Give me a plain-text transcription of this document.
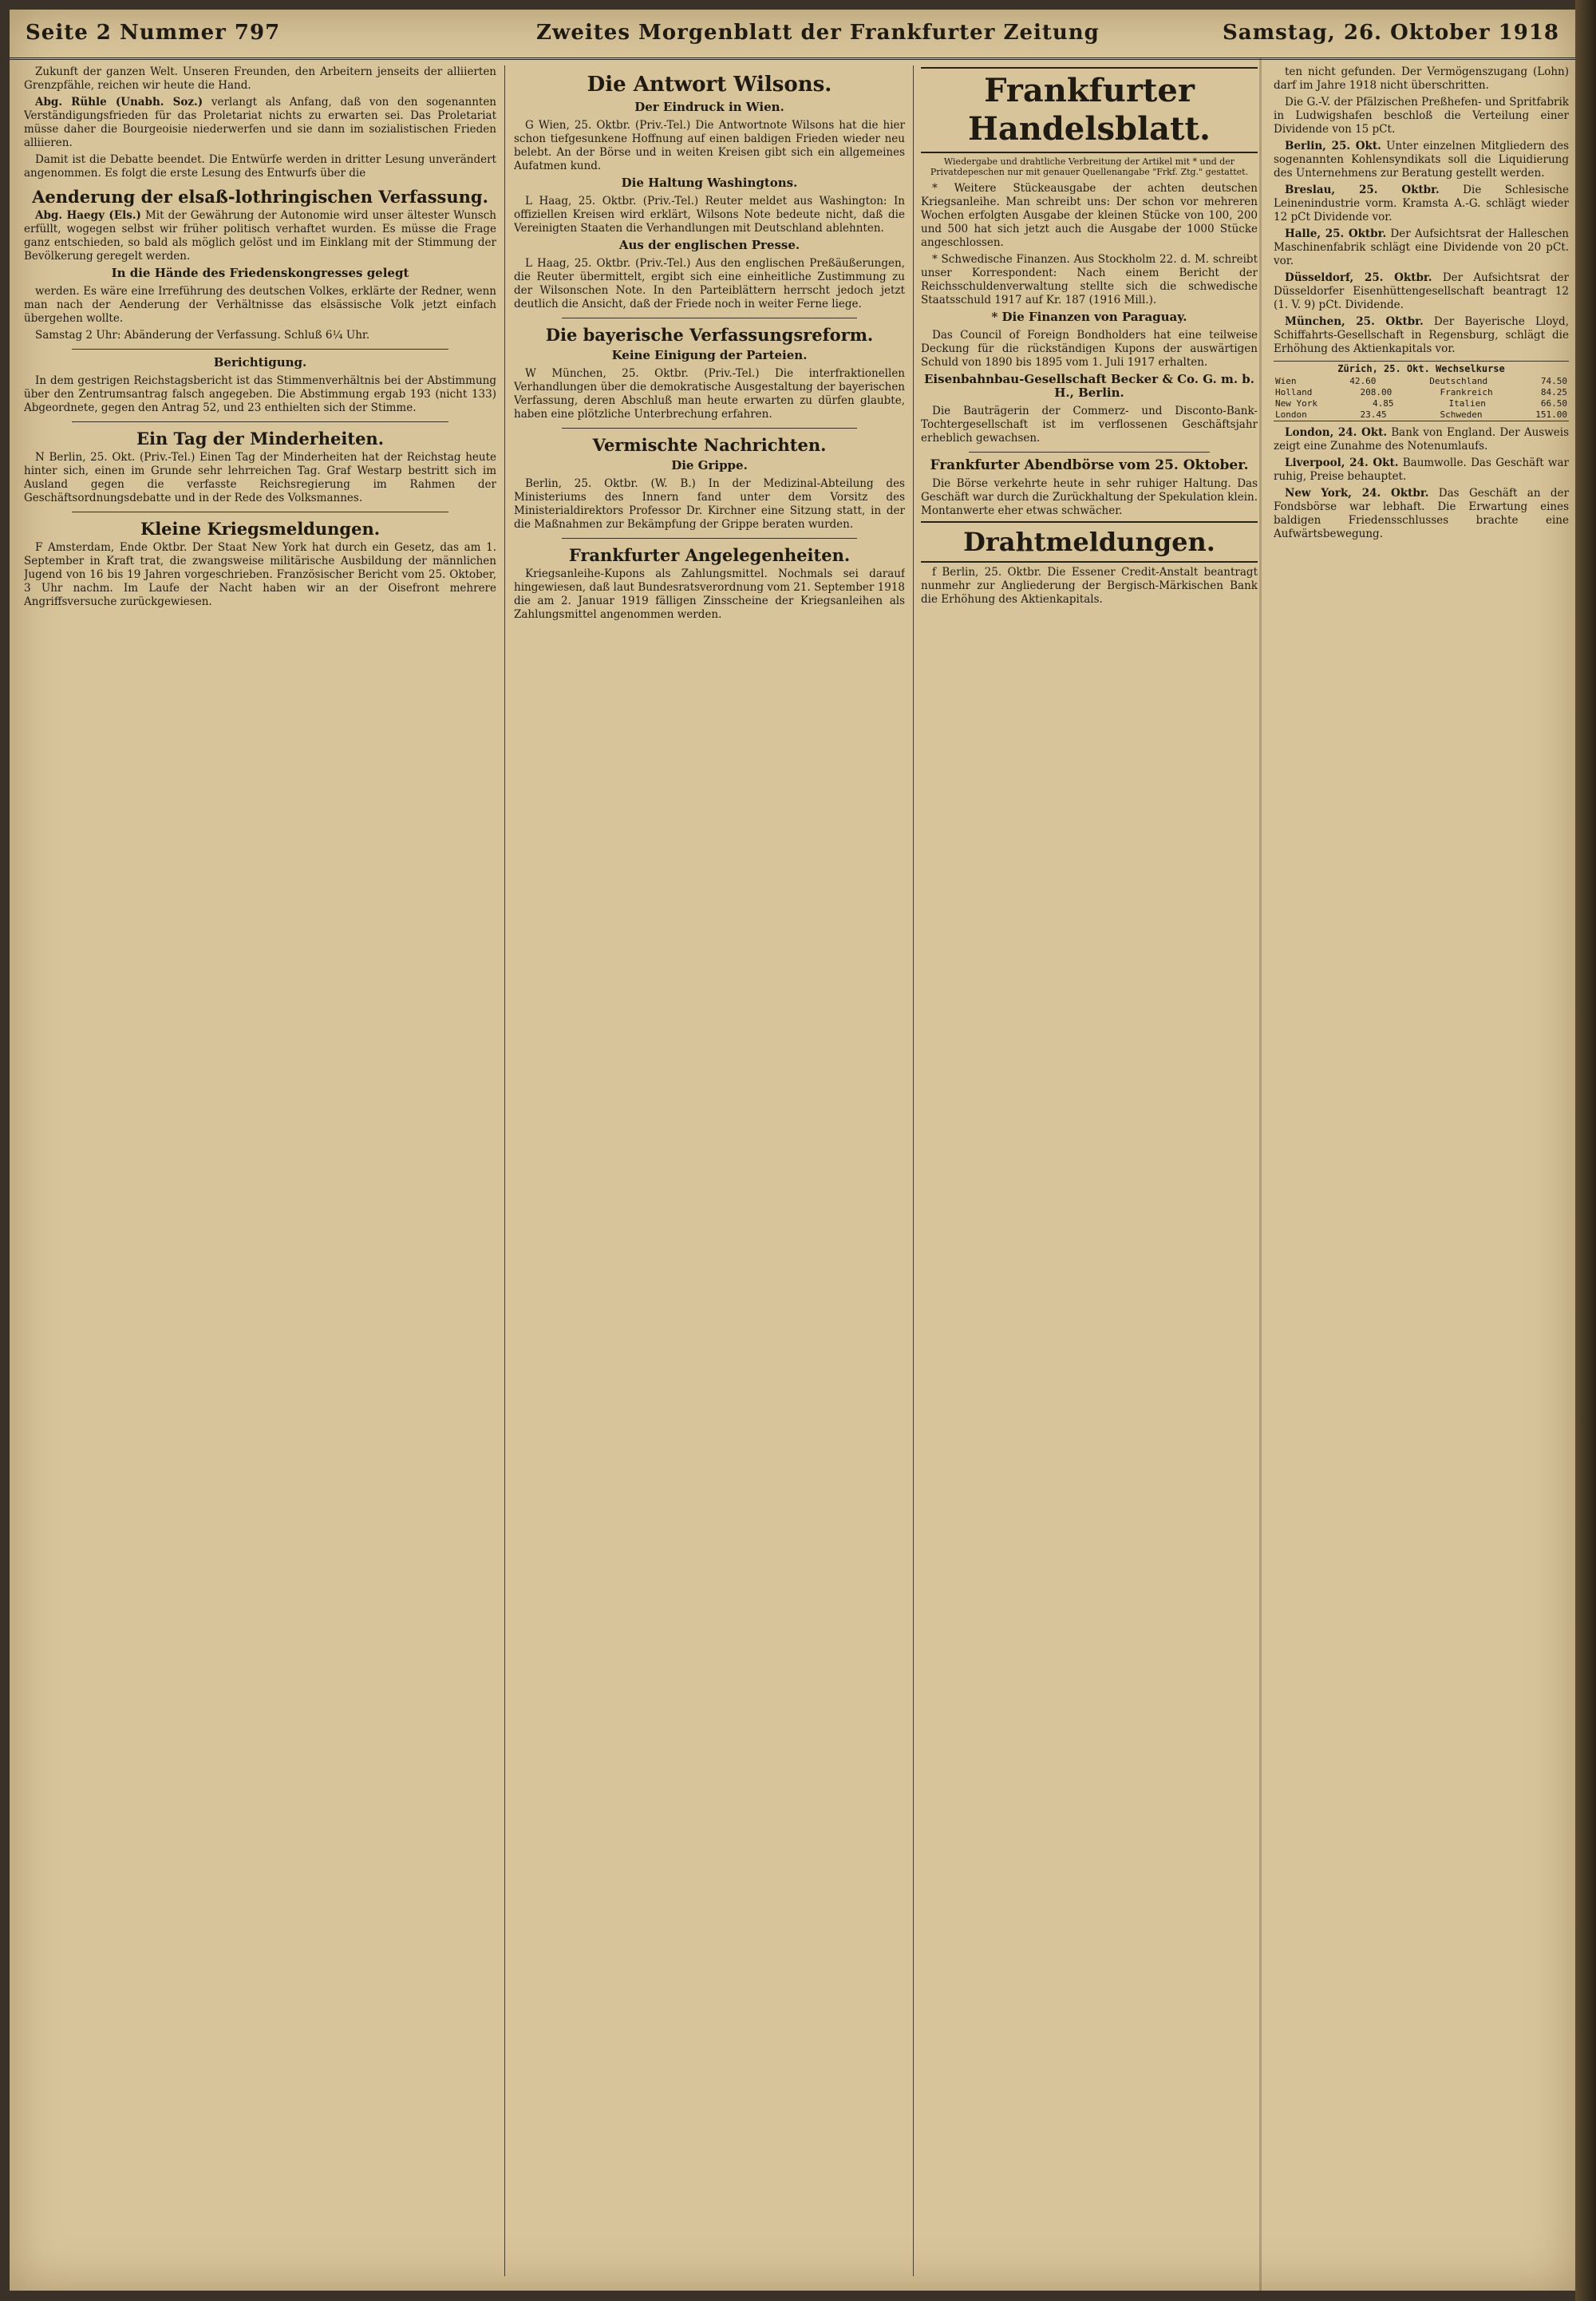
Seite 2 Nummer 797	Zweites Morgenblatt der Frankfurter Zeitung	Samstag, 26. Oktober 1918

Zukunft der ganzen Welt. Unseren Freunden, den Arbeitern jenseits der alliierten Grenzpfähle, reichen wir heute die Hand.

Abg. Rühle (Unabh. Soz.) verlangt als Anfang, daß von den sogenannten Verständigungsfrieden für das Proletariat nichts zu erwarten sei. Das Proletariat müsse daher die Bourgeoisie niederwerfen und sie dann im sozialistischen Frieden alliieren.

Damit ist die Debatte beendet. Die Entwürfe werden in dritter Lesung unverändert angenommen. Es folgt die erste Lesung des Entwurfs über die

Aenderung der elsaß-lothringischen Verfassung.

Abg. Haegy (Els.) Mit der Gewährung der Autonomie wird unser ältester Wunsch erfüllt, wogegen selbst wir früher politisch verhaftet wurden. Es müsse die Frage ganz entschieden, so bald als möglich gelöst und im Einklang mit der Stimmung der Bevölkerung geregelt werden.

In die Hände des Friedenskongresses gelegt

werden. Es wäre eine Irreführung des deutschen Volkes, erklärte der Redner, wenn man nach der Aenderung der Verhältnisse das elsässische Volk jetzt einfach übergehen wollte.

Samstag 2 Uhr: Abänderung der Verfassung. Schluß 6¼ Uhr.

Berichtigung.

In dem gestrigen Reichstagsbericht ist das Stimmenverhältnis bei der Abstimmung über den Zentrumsantrag falsch angegeben. Die Abstimmung ergab 193 (nicht 133) Abgeordnete, gegen den Antrag 52, und 23 enthielten sich der Stimme.

Ein Tag der Minderheiten.

N Berlin, 25. Okt. (Priv.-Tel.) Einen Tag der Minderheiten hat der Reichstag heute hinter sich, einen im Grunde sehr lehrreichen Tag. Graf Westarp bestritt sich im Ausland gegen die verfasste Reichsregierung im Rahmen der Geschäftsordnungsdebatte und in der Rede des Volksmannes.

Kleine Kriegsmeldungen.

F Amsterdam, Ende Oktbr. Der Staat New York hat durch ein Gesetz, das am 1. September in Kraft trat, die zwangsweise militärische Ausbildung der männlichen Jugend von 16 bis 19 Jahren vorgeschrieben. Französischer Bericht vom 25. Oktober, 3 Uhr nachm. Im Laufe der Nacht haben wir an der Oisefront mehrere Angriffsversuche zurückgewiesen.

Die Antwort Wilsons.
Der Eindruck in Wien.

G Wien, 25. Oktbr. (Priv.-Tel.) Die Antwortnote Wilsons hat die hier schon tiefgesunkene Hoffnung auf einen baldigen Frieden wieder neu belebt. An der Börse und in weiten Kreisen gibt sich ein allgemeines Aufatmen kund.

Die Haltung Washingtons.

L Haag, 25. Oktbr. (Priv.-Tel.) Reuter meldet aus Washington: In offiziellen Kreisen wird erklärt, Wilsons Note bedeute nicht, daß die Vereinigten Staaten die Verhandlungen mit Deutschland ablehnten.

Aus der englischen Presse.

L Haag, 25. Oktbr. (Priv.-Tel.) Aus den englischen Preßäußerungen, die Reuter übermittelt, ergibt sich eine einheitliche Zustimmung zu der Wilsonschen Note. In den Parteiblättern herrscht jedoch jetzt deutlich die Ansicht, daß der Friede noch in weiter Ferne liege.

Die bayerische Verfassungsreform.
Keine Einigung der Parteien.

W München, 25. Oktbr. (Priv.-Tel.) Die interfraktionellen Verhandlungen über die demokratische Ausgestaltung der bayerischen Verfassung, deren Abschluß man heute erwarten zu dürfen glaubte, haben eine plötzliche Unterbrechung erfahren.

Vermischte Nachrichten.
Die Grippe.

Berlin, 25. Oktbr. (W. B.) In der Medizinal-Abteilung des Ministeriums des Innern fand unter dem Vorsitz des Ministerialdirektors Professor Dr. Kirchner eine Sitzung statt, in der die Maßnahmen zur Bekämpfung der Grippe beraten wurden.

Frankfurter Angelegenheiten.

Kriegsanleihe-Kupons als Zahlungsmittel. Nochmals sei darauf hingewiesen, daß laut Bundesratsverordnung vom 21. September 1918 die am 2. Januar 1919 fälligen Zinsscheine der Kriegsanleihen als Zahlungsmittel angenommen werden.

Frankfurter Handelsblatt.
Wiedergabe und drahtliche Verbreitung der Artikel mit * und der Privatdepeschen nur mit genauer Quellenangabe "Frkf. Ztg." gestattet.

* Weitere Stückeausgabe der achten deutschen Kriegsanleihe. Man schreibt uns: Der schon vor mehreren Wochen erfolgten Ausgabe der kleinen Stücke von 100, 200 und 500 hat sich jetzt auch die Ausgabe der 1000 Stücke angeschlossen.

* Schwedische Finanzen. Aus Stockholm 22. d. M. schreibt unser Korrespondent: Nach einem Bericht der Reichsschuldenverwaltung stellte sich die schwedische Staatsschuld 1917 auf Kr. 187 (1916 Mill.).

* Die Finanzen von Paraguay.

Das Council of Foreign Bondholders hat eine teilweise Deckung für die rückständigen Kupons der auswärtigen Schuld von 1890 bis 1895 vom 1. Juli 1917 erhalten.

Eisenbahnbau-Gesellschaft Becker & Co. G. m. b. H., Berlin.

Die Bauträgerin der Commerz- und Disconto-Bank-Tochtergesellschaft ist im verflossenen Geschäftsjahr erheblich gewachsen.

Frankfurter Abendbörse vom 25. Oktober.

Die Börse verkehrte heute in sehr ruhiger Haltung. Das Geschäft war durch die Zurückhaltung der Spekulation klein. Montanwerte eher etwas schwächer.

Drahtmeldungen.

f Berlin, 25. Oktbr. Die Essener Credit-Anstalt beantragt nunmehr zur Angliederung der Bergisch-Märkischen Bank die Erhöhung des Aktienkapitals.

ten nicht gefunden. Der Vermögenszugang (Lohn) darf im Jahre 1918 nicht überschritten.

Die G.-V. der Pfälzischen Preßhefen- und Spritfabrik in Ludwigshafen beschloß die Verteilung einer Dividende von 15 pCt.

Berlin, 25. Okt. Unter einzelnen Mitgliedern des sogenannten Kohlensyndikats soll die Liquidierung des Unternehmens zur Beratung gestellt werden.

Breslau, 25. Oktbr. Die Schlesische Leinenindustrie vorm. Kramsta A.-G. schlägt wieder 12 pCt Dividende vor.

Halle, 25. Oktbr. Der Aufsichtsrat der Halleschen Maschinenfabrik schlägt eine Dividende von 20 pCt. vor.

Düsseldorf, 25. Oktbr. Der Aufsichtsrat der Düsseldorfer Eisenhüttengesellschaft beantragt 12 (1. V. 9) pCt. Dividende.

München, 25. Oktbr. Der Bayerische Lloyd, Schiffahrts-Gesellschaft in Regensburg, schlägt die Erhöhung des Aktienkapitals vor.

Zürich, 25. Okt. Wechselkurse
Wien	42.60	Deutschland	74.50
Holland	208.00	Frankreich	84.25
New York	4.85	Italien	66.50
London	23.45	Schweden	151.00

London, 24. Okt. Bank von England. Der Ausweis zeigt eine Zunahme des Notenumlaufs.

Liverpool, 24. Okt. Baumwolle. Das Geschäft war ruhig, Preise behauptet.

New York, 24. Oktbr. Das Geschäft an der Fondsbörse war lebhaft. Die Erwartung eines baldigen Friedensschlusses brachte eine Aufwärtsbewegung.
